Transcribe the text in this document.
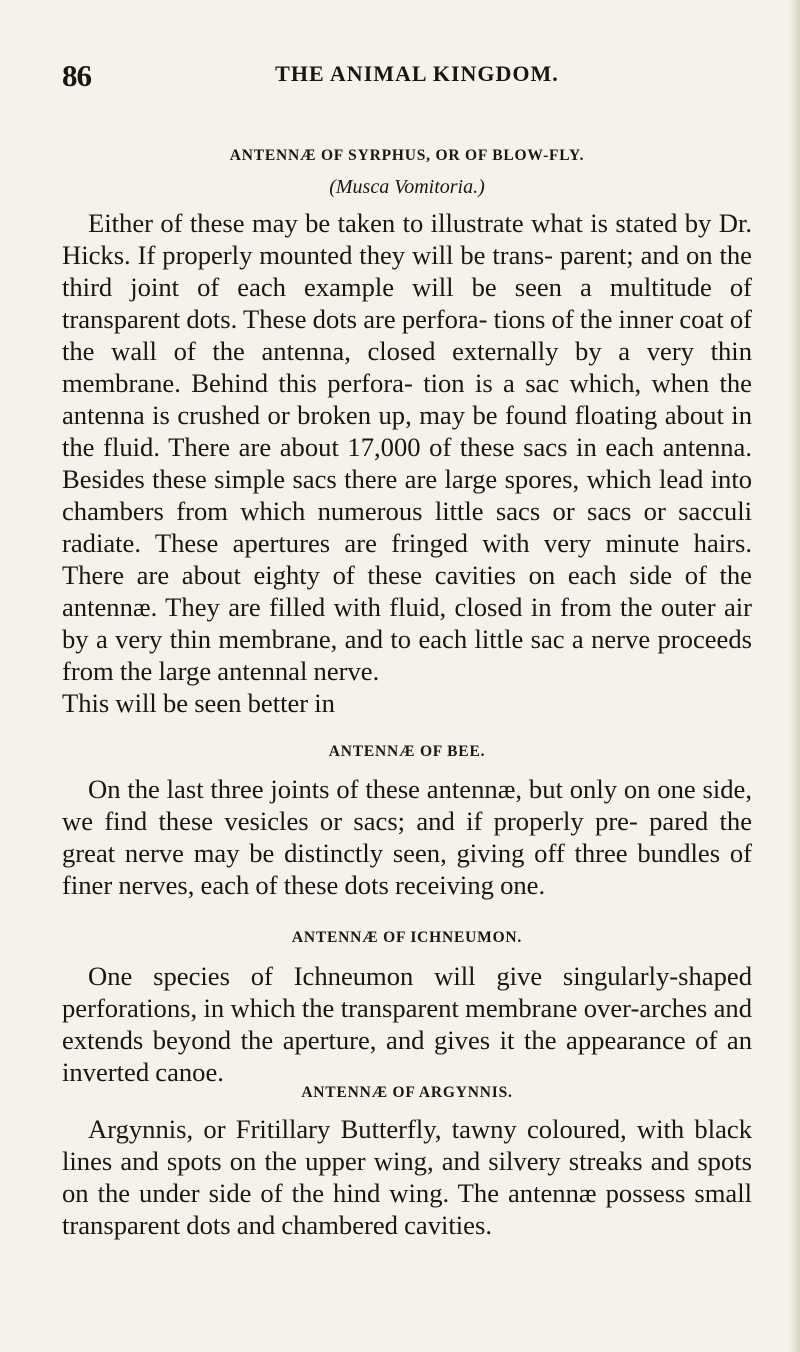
86	THE ANIMAL KINGDOM.
ANTENNÆ OF SYRPHUS, OR OF BLOW-FLY.
(Musca Vomitoria.)

Either of these may be taken to illustrate what is stated by Dr. Hicks. If properly mounted they will be trans- parent; and on the third joint of each example will be seen a multitude of transparent dots. These dots are perfora- tions of the inner coat of the wall of the antenna, closed externally by a very thin membrane. Behind this perfora- tion is a sac which, when the antenna is crushed or broken up, may be found floating about in the fluid. There are about 17,000 of these sacs in each antenna. Besides these simple sacs there are large spores, which lead into chambers from which numerous little sacs or sacs or sacculi radiate. These apertures are fringed with very minute hairs. There are about eighty of these cavities on each side of the antennæ. They are filled with fluid, closed in from the outer air by a very thin membrane, and to each little sac a nerve proceeds from the large antennal nerve.

This will be seen better in

ANTENNÆ OF BEE.

On the last three joints of these antennæ, but only on one side, we find these vesicles or sacs; and if properly pre- pared the great nerve may be distinctly seen, giving off three bundles of finer nerves, each of these dots receiving one.

ANTENNÆ OF ICHNEUMON.

One species of Ichneumon will give singularly-shaped perforations, in which the transparent membrane over-arches and extends beyond the aperture, and gives it the appearance of an inverted canoe.

ANTENNÆ OF ARGYNNIS.

Argynnis, or Fritillary Butterfly, tawny coloured, with black lines and spots on the upper wing, and silvery streaks and spots on the under side of the hind wing. The antennæ possess small transparent dots and chambered cavities.
